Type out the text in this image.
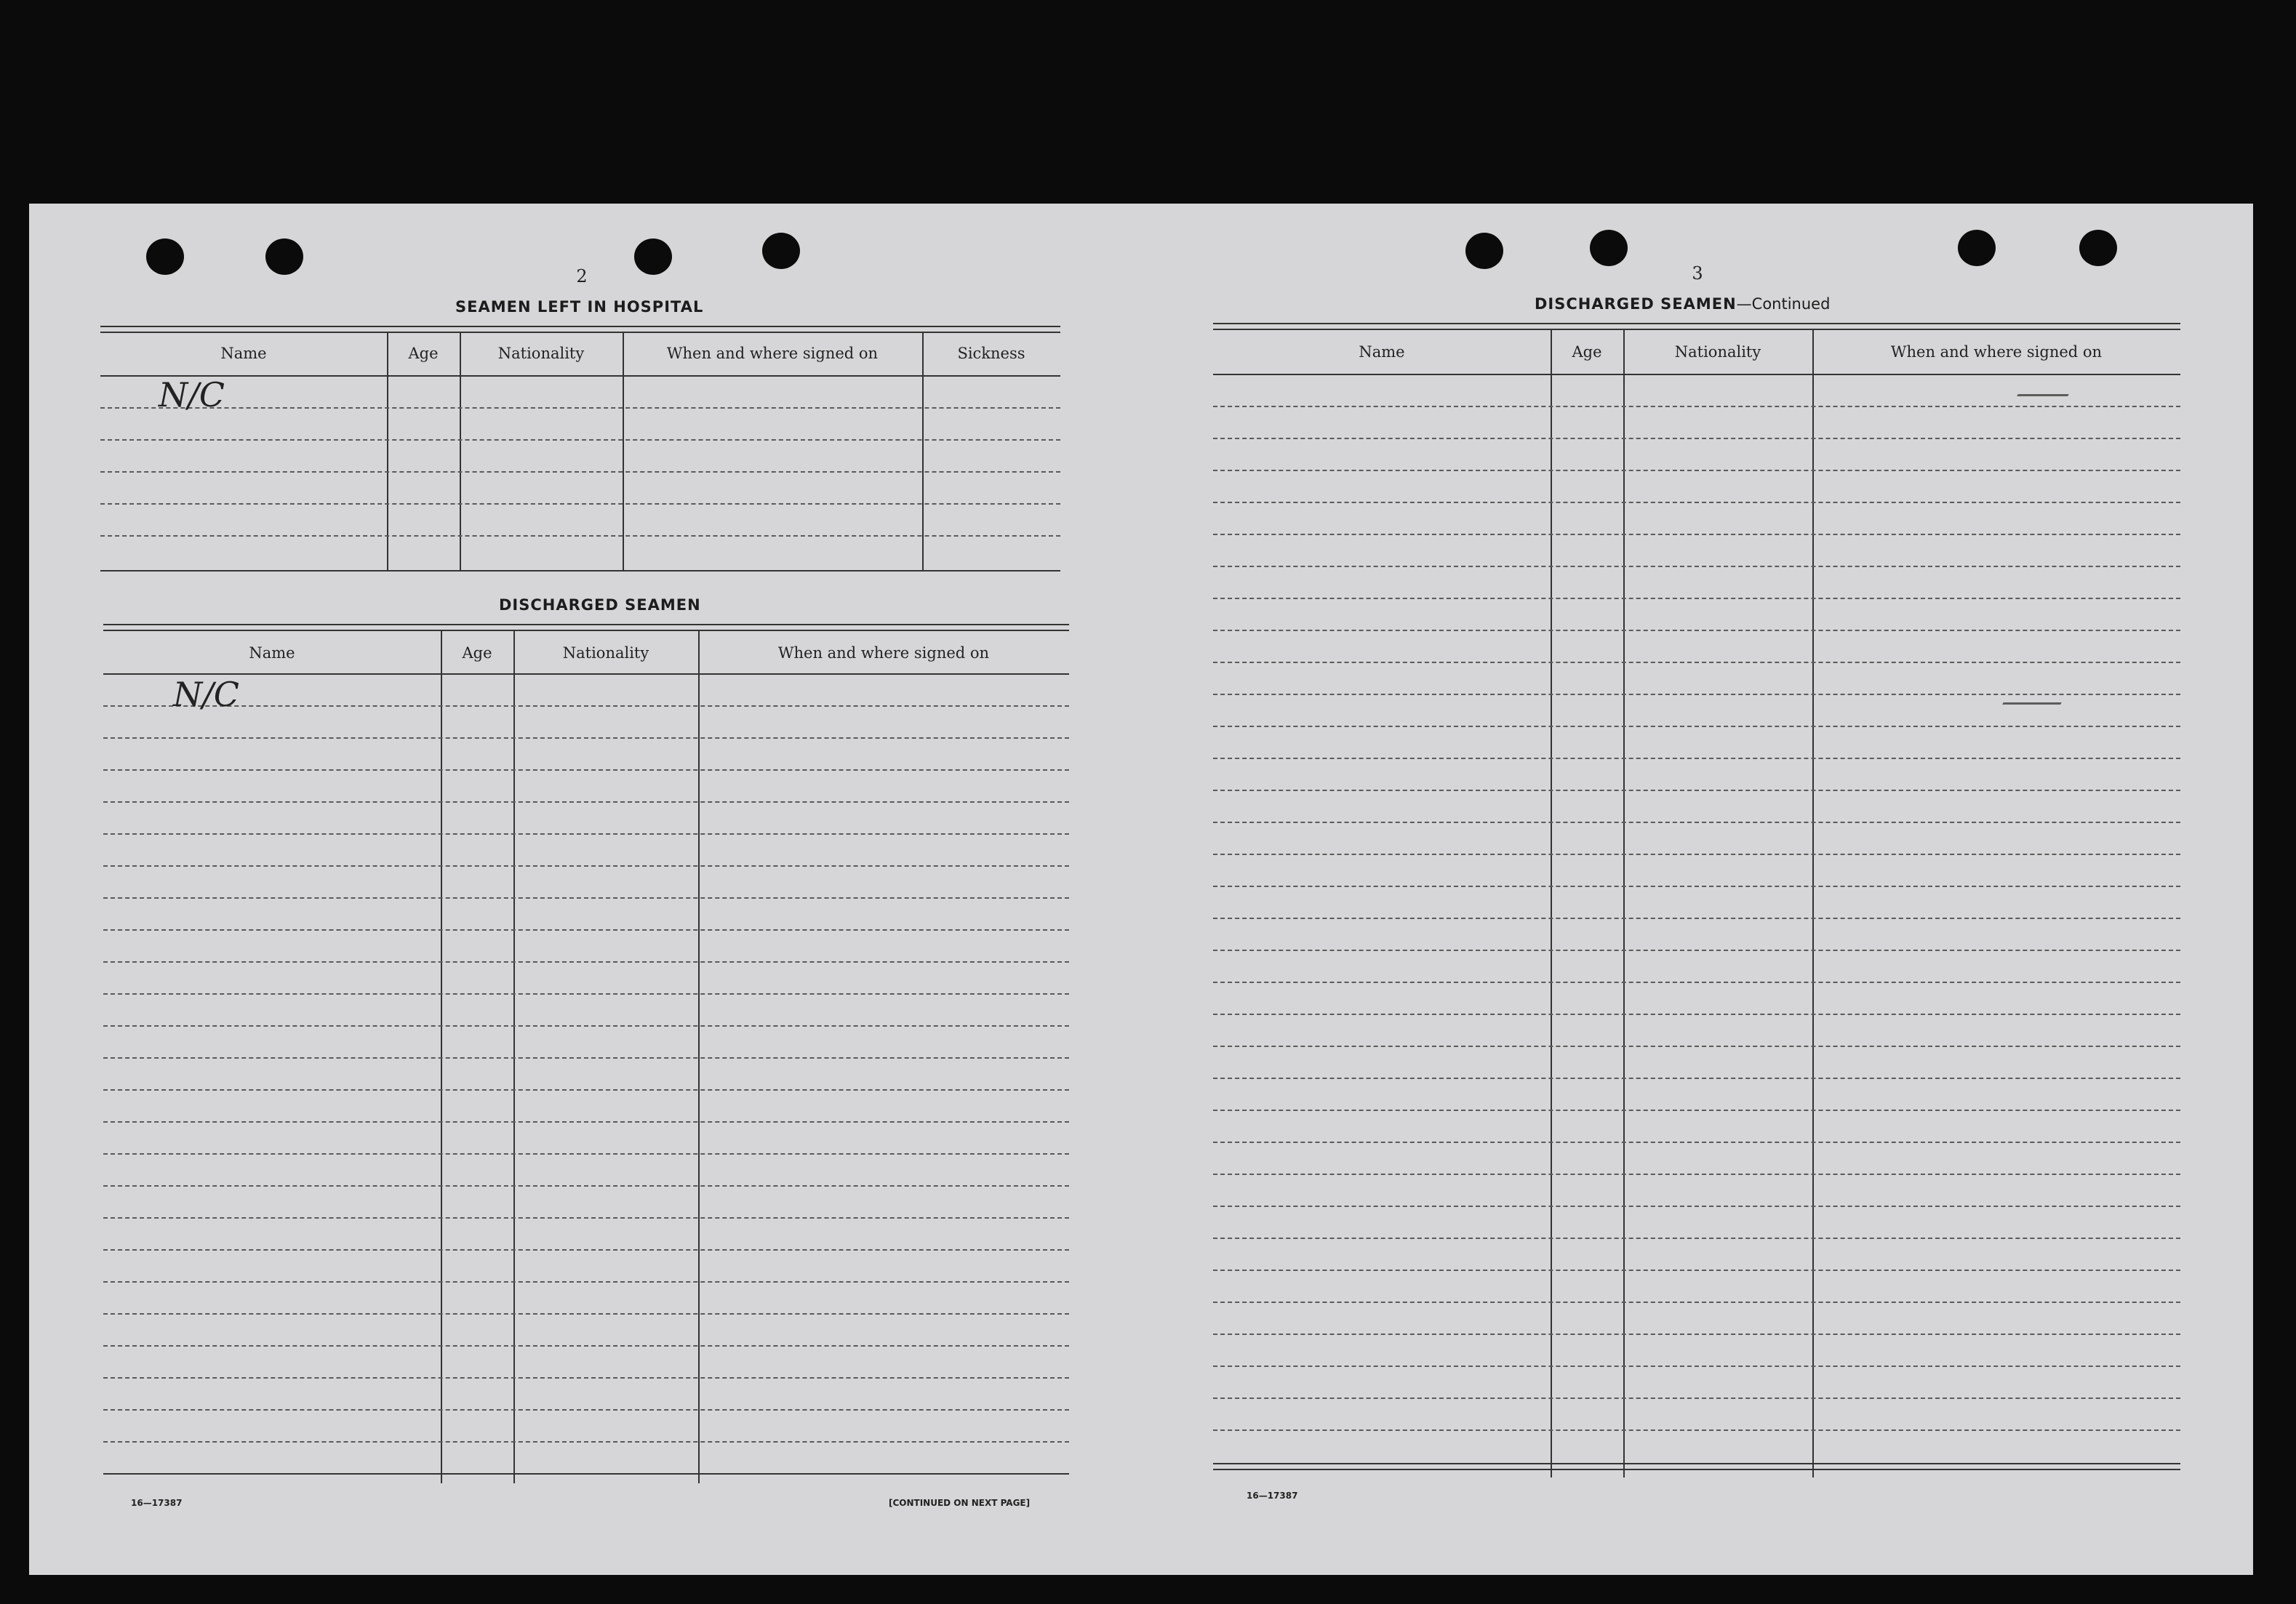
2
SEAMEN LEFT IN HOSPITAL
Name	Age	Nationality	When and where signed on	Sickness
N/C
DISCHARGED SEAMEN
Name	Age	Nationality	When and where signed on
N/C
16—17387	[CONTINUED ON NEXT PAGE]
3
DISCHARGED SEAMEN—Continued
Name	Age	Nationality	When and where signed on
16—17387
